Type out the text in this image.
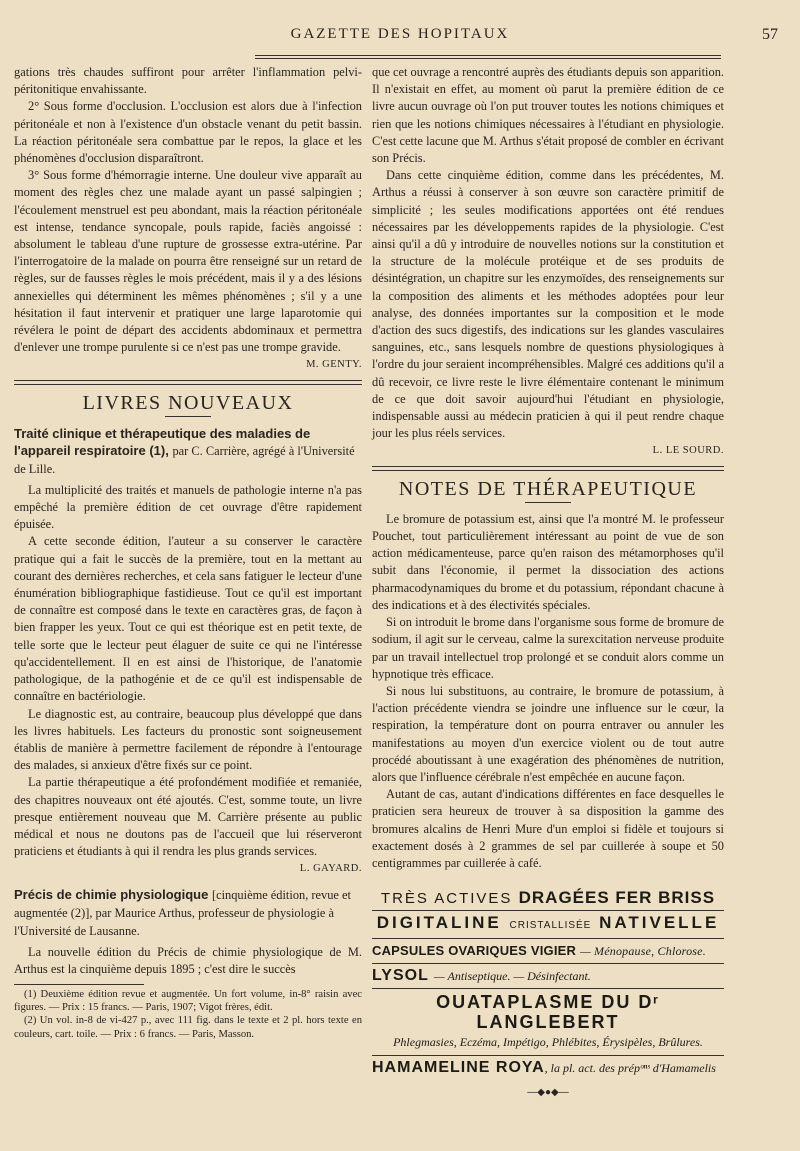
GAZETTE DES HOPITAUX	57

gations très chaudes suffiront pour arrêter l'inflammation pelvi-péritonitique envahissante.

2° Sous forme d'occlusion. L'occlusion est alors due à l'infection péritonéale et non à l'existence d'un obstacle venant du petit bassin. La réaction péritonéale sera combattue par le repos, la glace et les phénomènes d'occlusion disparaîtront.

3° Sous forme d'hémorragie interne. Une douleur vive apparaît au moment des règles chez une malade ayant un passé salpingien ; l'écoulement menstruel est peu abondant, mais la réaction péritonéale est intense, tendance syncopale, pouls rapide, faciès angoissé : absolument le tableau d'une rupture de grossesse extra-utérine. Par l'interrogatoire de la malade on pourra être renseigné sur un retard de règles, sur de fausses règles le mois précédent, mais il y a des lésions annexielles qui déterminent les mêmes phénomènes ; s'il y a une hésitation il faut intervenir et pratiquer une large laparotomie qui révélera le point de départ des accidents abdominaux et permettra d'enlever une trompe purulente si ce n'est pas une trompe gravide.

M. GENTY.
LIVRES NOUVEAUX
Traité clinique et thérapeutique des maladies de l'appareil respiratoire (1), par C. Carrière, agrégé à l'Université de Lille.

La multiplicité des traités et manuels de pathologie interne n'a pas empêché la première édition de cet ouvrage d'être rapidement épuisée.

A cette seconde édition, l'auteur a su conserver le caractère pratique qui a fait le succès de la première, tout en la mettant au courant des dernières recherches, et cela sans fatiguer le lecteur d'une énumération bibliographique fastidieuse. Tout ce qu'il est important de connaître est composé dans le texte en caractères gras, de façon à bien frapper les yeux. Tout ce qui est théorique est en petit texte, de telle sorte que le lecteur peut élaguer de suite ce qui ne l'intéresse qu'accidentellement. Il en est ainsi de l'historique, de l'anatomie pathologique, de la pathogénie et de ce qu'il est indispensable de connaître en bactériologie.

Le diagnostic est, au contraire, beaucoup plus développé que dans les livres habituels. Les facteurs du pronostic sont soigneusement établis de manière à permettre facilement de répondre à l'entourage des malades, si anxieux d'être fixés sur ce point.

La partie thérapeutique a été profondément modifiée et remaniée, des chapitres nouveaux ont été ajoutés. C'est, somme toute, un livre presque entièrement nouveau que M. Carrière présente au public médical et nous ne doutons pas de l'accueil que lui réserveront praticiens et étudiants à qui il rendra les plus grands services.

L. GAYARD.
Précis de chimie physiologique [cinquième édition, revue et augmentée (2)], par Maurice Arthus, professeur de physiologie à l'Université de Lausanne.

La nouvelle édition du Précis de chimie physiologique de M. Arthus est la cinquième depuis 1895 ; c'est dire le succès

(1) Deuxième édition revue et augmentée. Un fort volume, in-8° raisin avec figures. — Prix : 15 francs. — Paris, 1907; Vigot frères, édit.

(2) Un vol. in-8 de vi-427 p., avec 111 fig. dans le texte et 2 pl. hors texte en couleurs, cart. toile. — Prix : 6 francs. — Paris, Masson.

que cet ouvrage a rencontré auprès des étudiants depuis son apparition. Il n'existait en effet, au moment où parut la première édition de ce livre aucun ouvrage où l'on put trouver toutes les notions chimiques et rien que les notions chimiques nécessaires à l'étudiant en physiologie. C'est cette lacune que M. Arthus s'était proposé de combler en écrivant son Précis.

Dans cette cinquième édition, comme dans les précédentes, M. Arthus a réussi à conserver à son œuvre son caractère primitif de simplicité ; les seules modifications apportées ont été rendues nécessaires par les développements rapides de la physiologie. C'est ainsi qu'il a dû y introduire de nouvelles notions sur la constitution et la structure de la molécule protéique et de ses produits de désintégration, un chapitre sur les enzymoïdes, des renseignements sur la composition des aliments et les méthodes adoptées pour leur analyse, des données importantes sur la composition et le mode d'action des sucs digestifs, des indications sur les glandes vasculaires sanguines, etc., sans lesquels nombre de questions physiologiques à l'ordre du jour seraient incompréhensibles. Malgré ces additions qu'il a dû recevoir, ce livre reste le livre élémentaire contenant le minimum de ce que doit savoir aujourd'hui l'étudiant en physiologie, indispensable aussi au médecin praticien à qui il peut rendre chaque jour les plus réels services.

L. LE SOURD.
NOTES DE THÉRAPEUTIQUE

Le bromure de potassium est, ainsi que l'a montré M. le professeur Pouchet, tout particulièrement intéressant au point de vue de son action médicamenteuse, parce qu'en raison des métamorphoses qu'il subit dans l'économie, il permet la dissociation des actions pharmacodynamiques du brome et du potassium, répondant chacune à des indications et à des électivités spéciales.

Si on introduit le brome dans l'organisme sous forme de bromure de sodium, il agit sur le cerveau, calme la surexcitation nerveuse produite par un travail intellectuel trop prolongé et se conduit alors comme un hypnotique très efficace.

Si nous lui substituons, au contraire, le bromure de potassium, à l'action précédente viendra se joindre une influence sur le cœur, la respiration, la température dont on pourra entraver ou annuler les manifestations au moyen d'un exercice violent ou de tout autre procédé aboutissant à une exagération des phénomènes de nutrition, alors que l'influence cérébrale n'est empêchée en aucune façon.

Autant de cas, autant d'indications différentes en face desquelles le praticien sera heureux de trouver à sa disposition la gamme des bromures alcalins de Henri Mure d'un emploi si fidèle et toujours si exactement dosés à 2 grammes de sel par cuillerée à soupe et 50 centigrammes par cuillerée à café.

TRÈS ACTIVES DRAGÉES FER BRISS
DIGITALINE CRISTALLISÉE NATIVELLE
CAPSULES OVARIQUES VIGIER — Ménopause, Chlorose.
LYSOL — Antiseptique. — Désinfectant.
OUATAPLASME DU Dʳ LANGLEBERT
Phlegmasies, Eczéma, Impétigo, Phlébites, Érysipèles, Brûlures.
HAMAMELINE ROYA, la pl. act. des prépᵒⁿˢ d'Hamamelis
—◆●◆—
